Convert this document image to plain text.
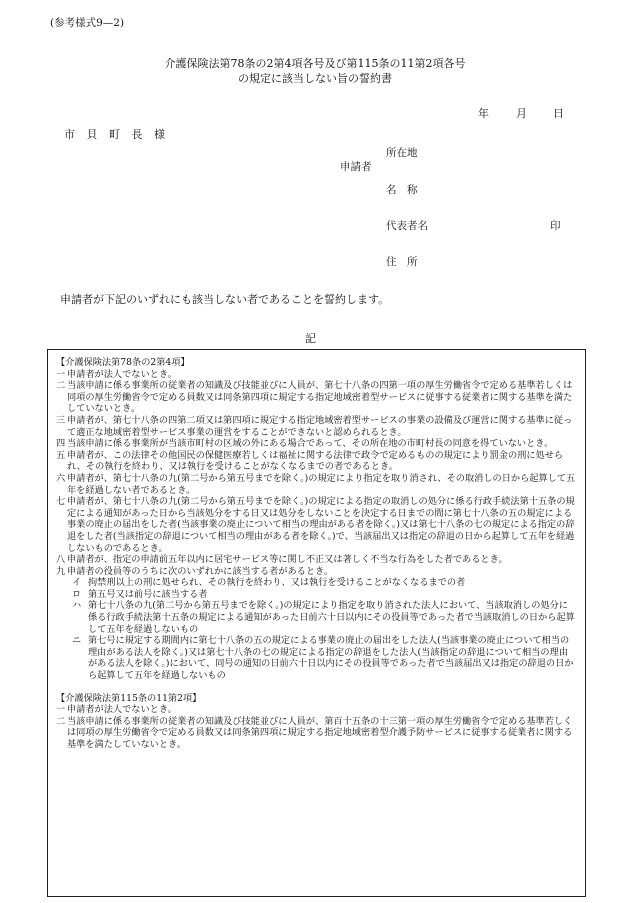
(参考様式9—2)
介護保険法第78条の2第4項各号及び第115条の11第2項各号
の規定に該当しない旨の誓約書
年 月 日
市 貝 町 長 様
所在地
申請者
名　称
代表者名	印
住　所
申請者が下記のいずれにも該当しない者であることを誓約します。
記

【介護保険法第78条の2第4項】

一 申請者が法人でないとき。
二 当該申請に係る事業所の従業者の知識及び技能並びに人員が、第七十八条の四第一項の厚生労働省令で定める基準若しくは同項の厚生労働省令で定める員数又は同条第四項に規定する指定地域密着型サービスに従事する従業者に関する基準を満たしていないとき。
三 申請者が、第七十八条の四第二項又は第四項に規定する指定地域密着型サービスの事業の設備及び運営に関する基準に従って適正な地域密着型サービス事業の運営をすることができないと認められるとき。
四 当該申請に係る事業所が当該市町村の区域の外にある場合であって、その所在地の市町村長の同意を得ていないとき。
五 申請者が、この法律その他国民の保健医療若しくは福祉に関する法律で政令で定めるものの規定により罰金の刑に処せられ、その執行を終わり、又は執行を受けることがなくなるまでの者であるとき。
六 申請者が、第七十八条の九(第二号から第五号までを除く。)の規定により指定を取り消され、その取消しの日から起算して五年を経過しない者であるとき。
七 申請者が、第七十八条の九(第二号から第五号までを除く。)の規定による指定の取消しの処分に係る行政手続法第十五条の規定による通知があった日から当該処分をする日又は処分をしないことを決定する日までの間に第七十八条の五の規定による事業の廃止の届出をした者(当該事業の廃止について相当の理由がある者を除く。)又は第七十八条の七の規定による指定の辞退をした者(当該指定の辞退について相当の理由がある者を除く。)で、当該届出又は指定の辞退の日から起算して五年を経過しないものであるとき。
八 申請者が、指定の申請前五年以内に居宅サービス等に関し不正又は著しく不当な行為をした者であるとき。
九 申請者の役員等のうちに次のいずれかに該当する者があるとき。
イ 拘禁刑以上の刑に処せられ、その執行を終わり、又は執行を受けることがなくなるまでの者
ロ 第五号又は前号に該当する者
ハ 第七十八条の九(第二号から第五号までを除く。)の規定により指定を取り消された法人において、当該取消しの処分に係る行政手続法第十五条の規定による通知があった日前六十日以内にその役員等であった者で当該取消しの日から起算して五年を経過しないもの
ニ 第七号に規定する期間内に第七十八条の五の規定による事業の廃止の届出をした法人(当該事業の廃止について相当の理由がある法人を除く。)又は第七十八条の七の規定による指定の辞退をした法人(当該指定の辞退について相当の理由がある法人を除く。)において、同号の通知の日前六十日以内にその役員等であった者で当該届出又は指定の辞退の日から起算して五年を経過しないもの

【介護保険法第115条の11第2項】

一 申請者が法人でないとき。
二 当該申請に係る事業所の従業者の知識及び技能並びに人員が、第百十五条の十三第一項の厚生労働省令で定める基準若しくは同項の厚生労働省令で定める員数又は同条第四項に規定する指定地域密着型介護予防サービスに従事する従業者に関する基準を満たしていないとき。
